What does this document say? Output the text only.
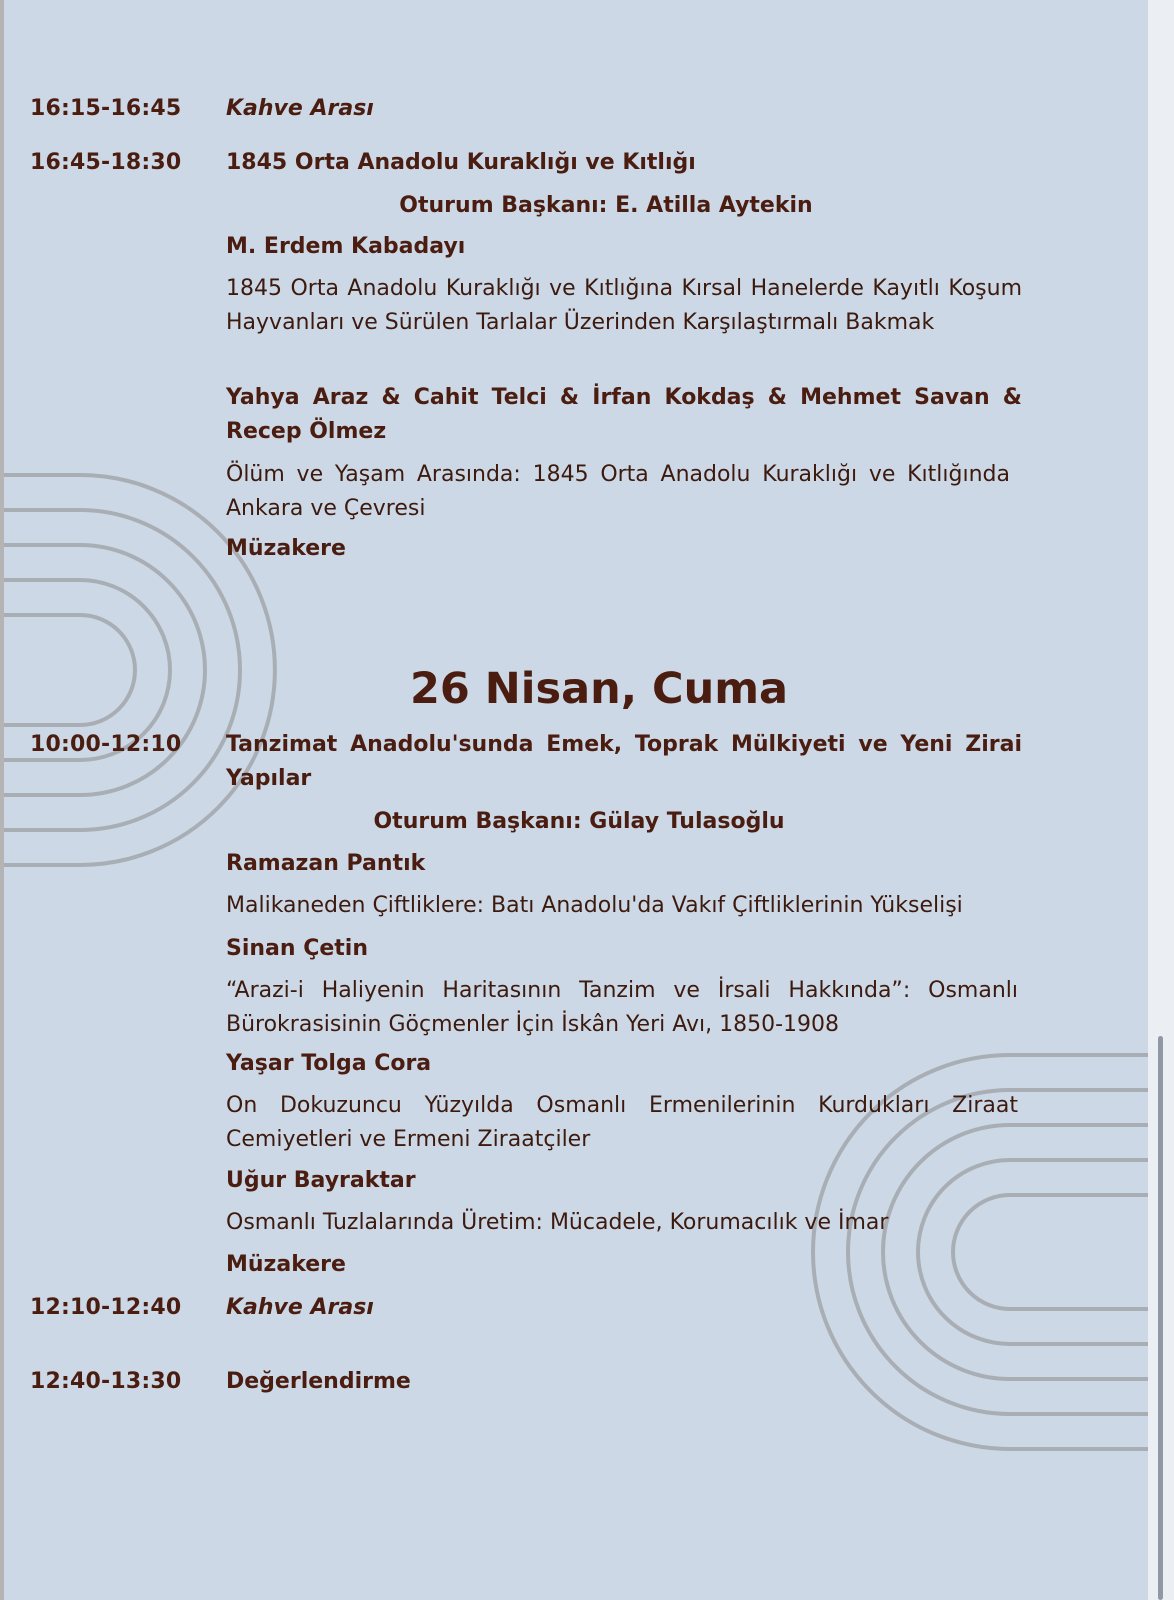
16:15-16:45 Kahve Arası
16:45-18:30 1845 Orta Anadolu Kuraklığı ve Kıtlığı
Oturum Başkanı: E. Atilla Aytekin
M. Erdem Kabadayı
1845 Orta Anadolu Kuraklığı ve Kıtlığına Kırsal Hanelerde Kayıtlı Koşum Hayvanları ve Sürülen Tarlalar Üzerinden Karşılaştırmalı Bakmak
Yahya Araz & Cahit Telci & İrfan Kokdaş & Mehmet Savan & Recep Ölmez
Ölüm ve Yaşam Arasında: 1845 Orta Anadolu Kuraklığı ve Kıtlığında Ankara ve Çevresi
Müzakere
26 Nisan, Cuma
10:00-12:10 Tanzimat Anadolu'sunda Emek, Toprak Mülkiyeti ve Yeni Zirai Yapılar
Oturum Başkanı: Gülay Tulasoğlu
Ramazan Pantık
Malikaneden Çiftliklere: Batı Anadolu'da Vakıf Çiftliklerinin Yükselişi
Sinan Çetin
“Arazi-i Haliyenin Haritasının Tanzim ve İrsali Hakkında”: Osmanlı Bürokrasisinin Göçmenler İçin İskân Yeri Avı, 1850-1908
Yaşar Tolga Cora
On Dokuzuncu Yüzyılda Osmanlı Ermenilerinin Kurdukları Ziraat Cemiyetleri ve Ermeni Ziraatçiler
Uğur Bayraktar
Osmanlı Tuzlalarında Üretim: Mücadele, Korumacılık ve İmar
Müzakere
12:10-12:40 Kahve Arası
12:40-13:30 Değerlendirme
